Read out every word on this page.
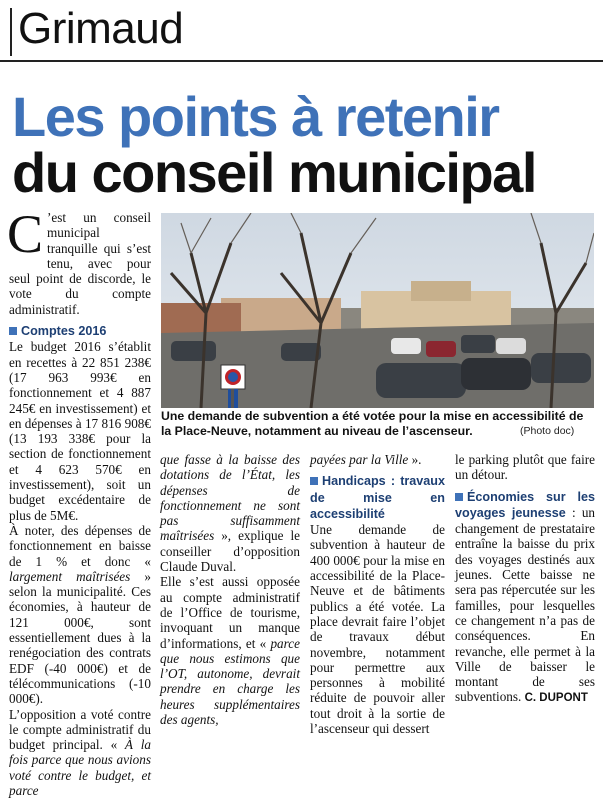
Grimaud
Les points à retenir
du conseil municipal

C ’est un conseil municipal tranquille qui s’est tenu, avec pour seul point de discorde, le vote du compte administratif.

Comptes 2016

Le budget 2016 s’établit en recettes à 22 851 238€ (17 963 993€ en fonctionnement et 4 887 245€ en investissement) et en dépenses à 17 816 908€ (13 193 338€ pour la section de fonctionnement et 4 623 570€ en investissement), soit un budget excédentaire de plus de 5M€.

À noter, des dépenses de fonctionnement en baisse de 1 % et donc « largement maîtrisées » selon la municipalité. Ces économies, à hauteur de 121 000€, sont essentiellement dues à la renégociation des contrats EDF (-40 000€) et de télécommunications (-10 000€).

L’opposition a voté contre le compte administratif du budget principal. « À la fois parce que nous avions voté contre le budget, et parce

Une demande de subvention a été votée pour la mise en accessibilité de la Place-Neuve, notamment au niveau de l’ascenseur.	(Photo doc)

que fasse à la baisse des dotations de l’État, les dépenses de fonctionnement ne sont pas suffisamment maîtrisées », explique le conseiller d’opposition Claude Duval.

Elle s’est aussi opposée au compte administratif de l’Office de tourisme, invoquant un manque d’informations, et « parce que nous estimons que l’OT, autonome, devrait prendre en charge les heures supplémentaires des agents,

payées par la Ville ».

Handicaps : travaux de mise en accessibilité

Une demande de subvention à hauteur de 400 000€ pour la mise en accessibilité de la Place-Neuve et de bâtiments publics a été votée. La place devrait faire l’objet de travaux début novembre, notamment pour permettre aux personnes à mobilité réduite de pouvoir aller tout droit à la sortie de l’ascenseur qui dessert

le parking plutôt que faire un détour.

Économies sur les voyages jeunesse : un changement de prestataire entraîne la baisse du prix des voyages destinés aux jeunes. Cette baisse ne sera pas répercutée sur les familles, pour lesquelles ce changement n’a pas de conséquences. En revanche, elle permet à la Ville de baisser le montant de ses subventions. C. DUPONT
